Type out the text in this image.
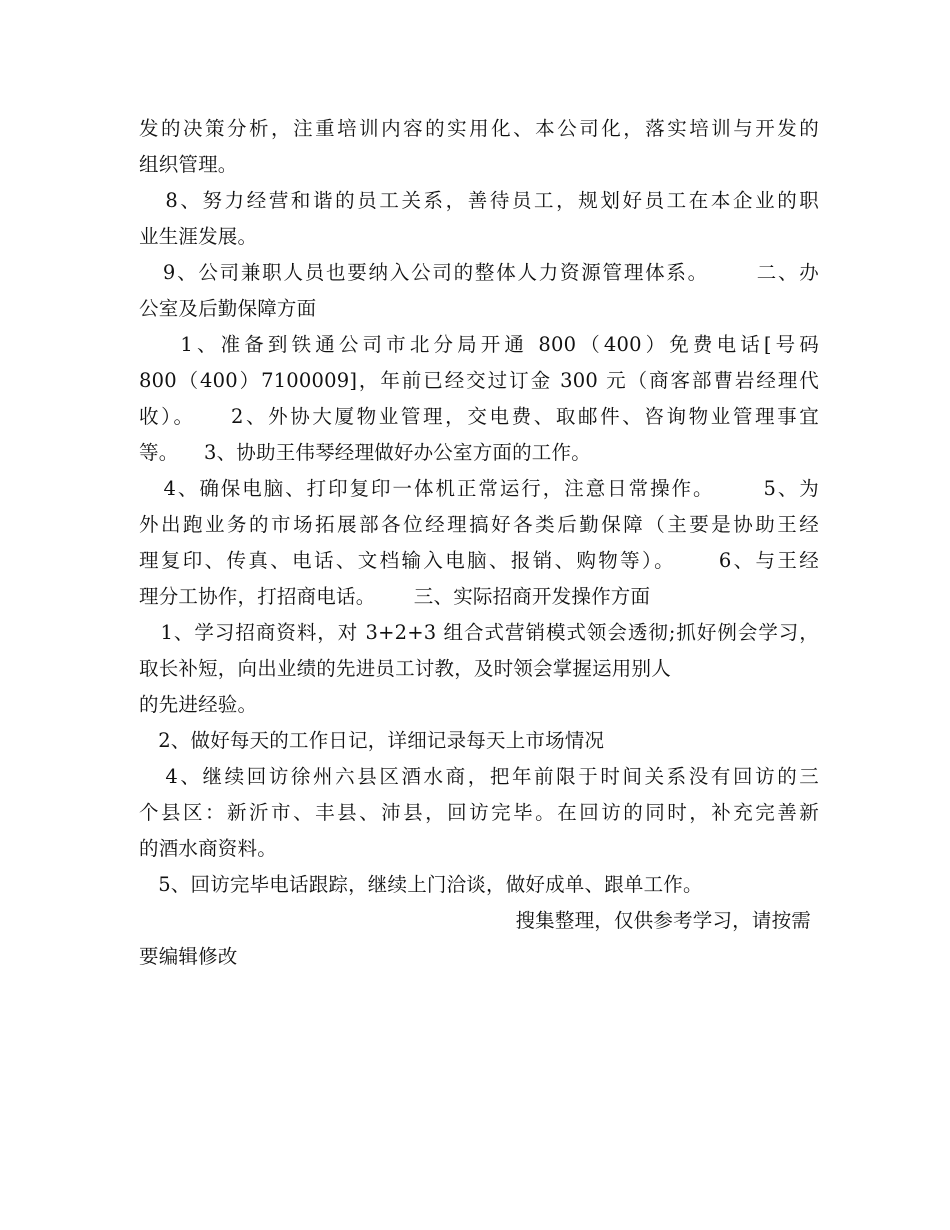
发的决策分析，注重培训内容的实用化、本公司化，落实培训与开发的
组织管理。
8、努力经营和谐的员工关系，善待员工，规划好员工在本企业的职
业生涯发展。
9、公司兼职人员也要纳入公司的整体人力资源管理体系。      二、办
公室及后勤保障方面
1、准备到铁通公司市北分局开通 800（400）免费电话[号码
800（400）7100009]，年前已经交过订金 300 元（商客部曹岩经理代
收）。    2、外协大厦物业管理，交电费、取邮件、咨询物业管理事宜
等。    3、协助王伟琴经理做好办公室方面的工作。
4、确保电脑、打印复印一体机正常运行，注意日常操作。      5、为
外出跑业务的市场拓展部各位经理搞好各类后勤保障（主要是协助王经
理复印、传真、电话、文档输入电脑、报销、购物等）。     6、与王经
理分工协作，打招商电话。      三、实际招商开发操作方面
1、学习招商资料，对 3+2+3 组合式营销模式领会透彻;抓好例会学习，
取长补短，向出业绩的先进员工讨教，及时领会掌握运用别人
的先进经验。
2、做好每天的工作日记，详细记录每天上市场情况
4、继续回访徐州六县区酒水商，把年前限于时间关系没有回访的三
个县区：新沂市、丰县、沛县，回访完毕。在回访的同时，补充完善新
的酒水商资料。
5、回访完毕电话跟踪，继续上门洽谈，做好成单、跟单工作。
搜集整理，仅供参考学习，请按需
要编辑修改
